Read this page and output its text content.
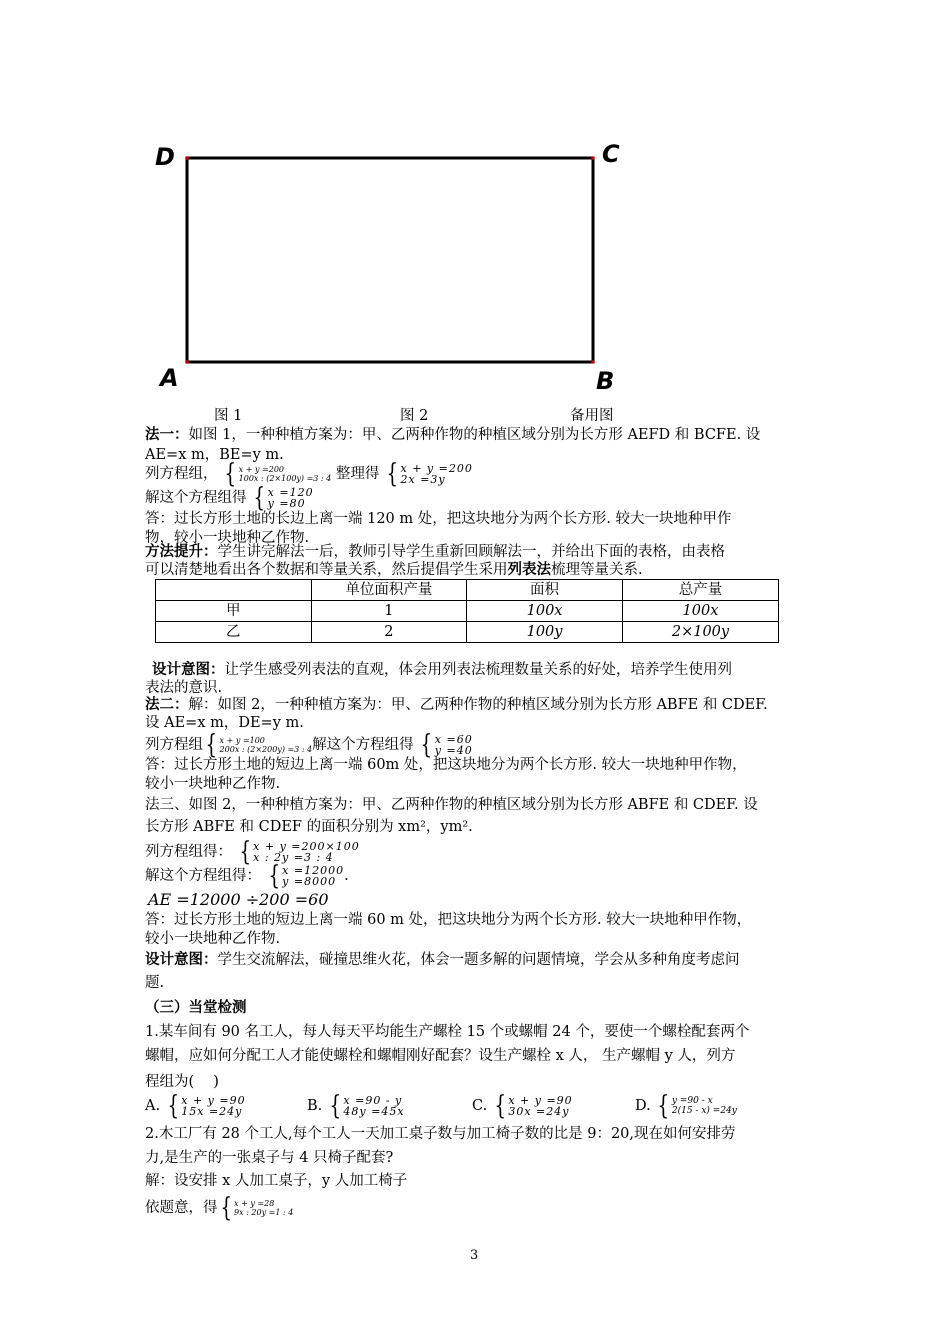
D	C
A	B
图 1	图 2	备用图
法一：如图 1，一种种植方案为：甲、乙两种作物的种植区域分别为长方形 AEFD 和 BCFE. 设
AE=x m，BE=y m.
列方程组， { x + y =200
100x : (2×100y) =3 : 4 整理得 { x + y =200
2x =3y
解这个方程组得 { x =120
y =80
答：过长方形土地的长边上离一端 120 m 处，把这块地分为两个长方形. 较大一块地种甲作
物，较小一块地种乙作物.
方法提升：学生讲完解法一后，教师引导学生重新回顾解法一，并给出下面的表格，由表格
可以清楚地看出各个数据和等量关系，然后提倡学生采用列表法梳理等量关系.
	单位面积产量	面积	总产量
甲	1	100x	100x
乙	2	100y	2×100y
设计意图：让学生感受列表法的直观，体会用列表法梳理数量关系的好处，培养学生使用列
表法的意识.
法二：解：如图 2，一种种植方案为：甲、乙两种作物的种植区域分别为长方形 ABFE 和 CDEF.
设 AE=x m，DE=y m.
列方程组 { x + y =100
200x : (2×200y) =3 : 4 解这个方程组得 { x =60
y =40
答：过长方形土地的短边上离一端 60m 处，把这块地分为两个长方形. 较大一块地种甲作物，
较小一块地种乙作物.
法三、如图 2，一种种植方案为：甲、乙两种作物的种植区域分别为长方形 ABFE 和 CDEF. 设
长方形 ABFE 和 CDEF 的面积分别为 xm²，ym².
列方程组得： { x + y =200×100
x : 2y =3 : 4
解这个方程组得： { x =12000
y =8000 .
AE =12000 ÷200 =60
答：过长方形土地的短边上离一端 60 m 处，把这块地分为两个长方形. 较大一块地种甲作物，
较小一块地种乙作物.
设计意图：学生交流解法，碰撞思维火花，体会一题多解的问题情境，学会从多种角度考虑问
题.
（三）当堂检测
1.某车间有 90 名工人，每人每天平均能生产螺栓 15 个或螺帽 24 个，要使一个螺栓配套两个
螺帽，应如何分配工人才能使螺栓和螺帽刚好配套？设生产螺栓 x 人， 生产螺帽 y 人，列方
程组为(　 )
A. { x + y =90
15x =24y	B. { x =90 - y
48y =45x	C. { x + y =90
30x =24y	D. { y =90 - x
2(15 - x) =24y
2.木工厂有 28 个工人,每个工人一天加工桌子数与加工椅子数的比是 9：20,现在如何安排劳
力,是生产的一张桌子与 4 只椅子配套?
解：设安排 x 人加工桌子，y 人加工椅子
依题意，得 { x + y =28
9x : 20y =1 : 4
3
